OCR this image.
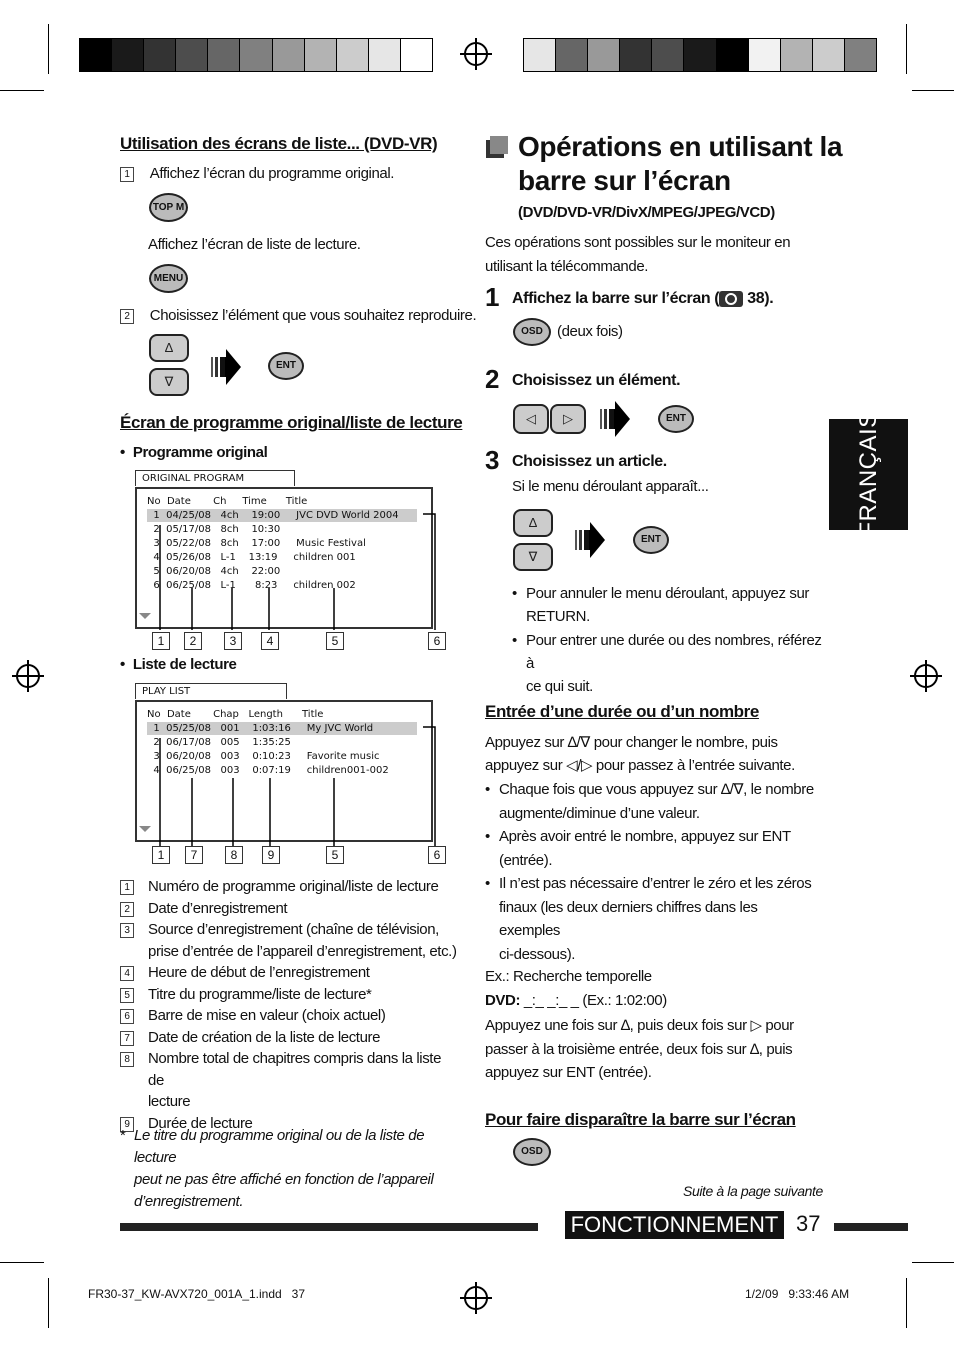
Utilisation des écrans de liste... (DVD-VR)
1 Affichez l’écran du programme original.
TOP M
Affichez l’écran de liste de lecture.
MENU
2 Choisissez l’élément que vous souhaitez reproduire.
∆
∇
ENT
Écran de programme original/liste de lecture
• Programme original
ORIGINAL PROGRAM
No  Date       Ch     Time      Title
1  04/25/08   4ch    19:00     JVC DVD World 2004
2  05/17/08   8ch    10:30
3  05/22/08   8ch    17:00     Music Festival
4  05/26/08   L-1    13:19     children 001
5  06/20/08   4ch    22:00
6  06/25/08   L-1      8:23     children 002
1	2	3	4	5	6
• Liste de lecture
PLAY LIST
No  Date       Chap   Length      Title
1  05/25/08   001    1:03:16     My JVC World
2  06/17/08   005    1:35:25
3  06/20/08   003    0:10:23     Favorite music
4  06/25/08   003    0:07:19     children001-002
1	7	8	9	5	6
1 Numéro de programme original/liste de lecture
2 Date d’enregistrement
3 Source d’enregistrement (chaîne de télévision,
prise d’entrée de l’appareil d’enregistrement, etc.)
4 Heure de début de l’enregistrement
5 Titre du programme/liste de lecture*
6 Barre de mise en valeur (choix actuel)
7 Date de création de la liste de lecture
8 Nombre total de chapitres compris dans la liste de
lecture
9 Durée de lecture
* Le titre du programme original ou de la liste de lecture
peut ne pas être affiché en fonction de l’appareil
d’enregistrement.
Opérations en utilisant la
barre sur l’écran
(DVD/DVD-VR/DivX/MPEG/JPEG/VCD)
Ces opérations sont possibles sur le moniteur en
utilisant la télécommande.
1 Affichez la barre sur l’écran (
38).
OSD (deux fois)
2 Choisissez un élément.
◁	▷	ENT
3 Choisissez un article.
Si le menu déroulant apparaît...
∆
∇
ENT
• Pour annuler le menu déroulant, appuyez sur
RETURN.
• Pour entrer une durée ou des nombres, référez à
ce qui suit.
Entrée d’une durée ou d’un nombre
Appuyez sur ∆/∇ pour changer le nombre, puis
appuyez sur ◁/▷ pour passez à l’entrée suivante.
• Chaque fois que vous appuyez sur ∆/∇, le nombre
augmente/diminue d’une valeur.
• Après avoir entré le nombre, appuyez sur ENT
(entrée).
• Il n’est pas nécessaire d’entrer le zéro et les zéros
finaux (les deux derniers chiffres dans les exemples
ci-dessous).
Ex.: Recherche temporelle
DVD: _:_ _:_ _ (Ex.: 1:02:00)
Appuyez une fois sur ∆, puis deux fois sur ▷ pour
passer à la troisième entrée, deux fois sur ∆, puis
appuyez sur ENT (entrée).
Pour faire disparaître la barre sur l’écran
OSD
Suite à la page suivante
FRANÇAIS
FONCTIONNEMENT 37
FR30-37_KW-AVX720_001A_1.indd   37	1/2/09   9:33:46 AM
